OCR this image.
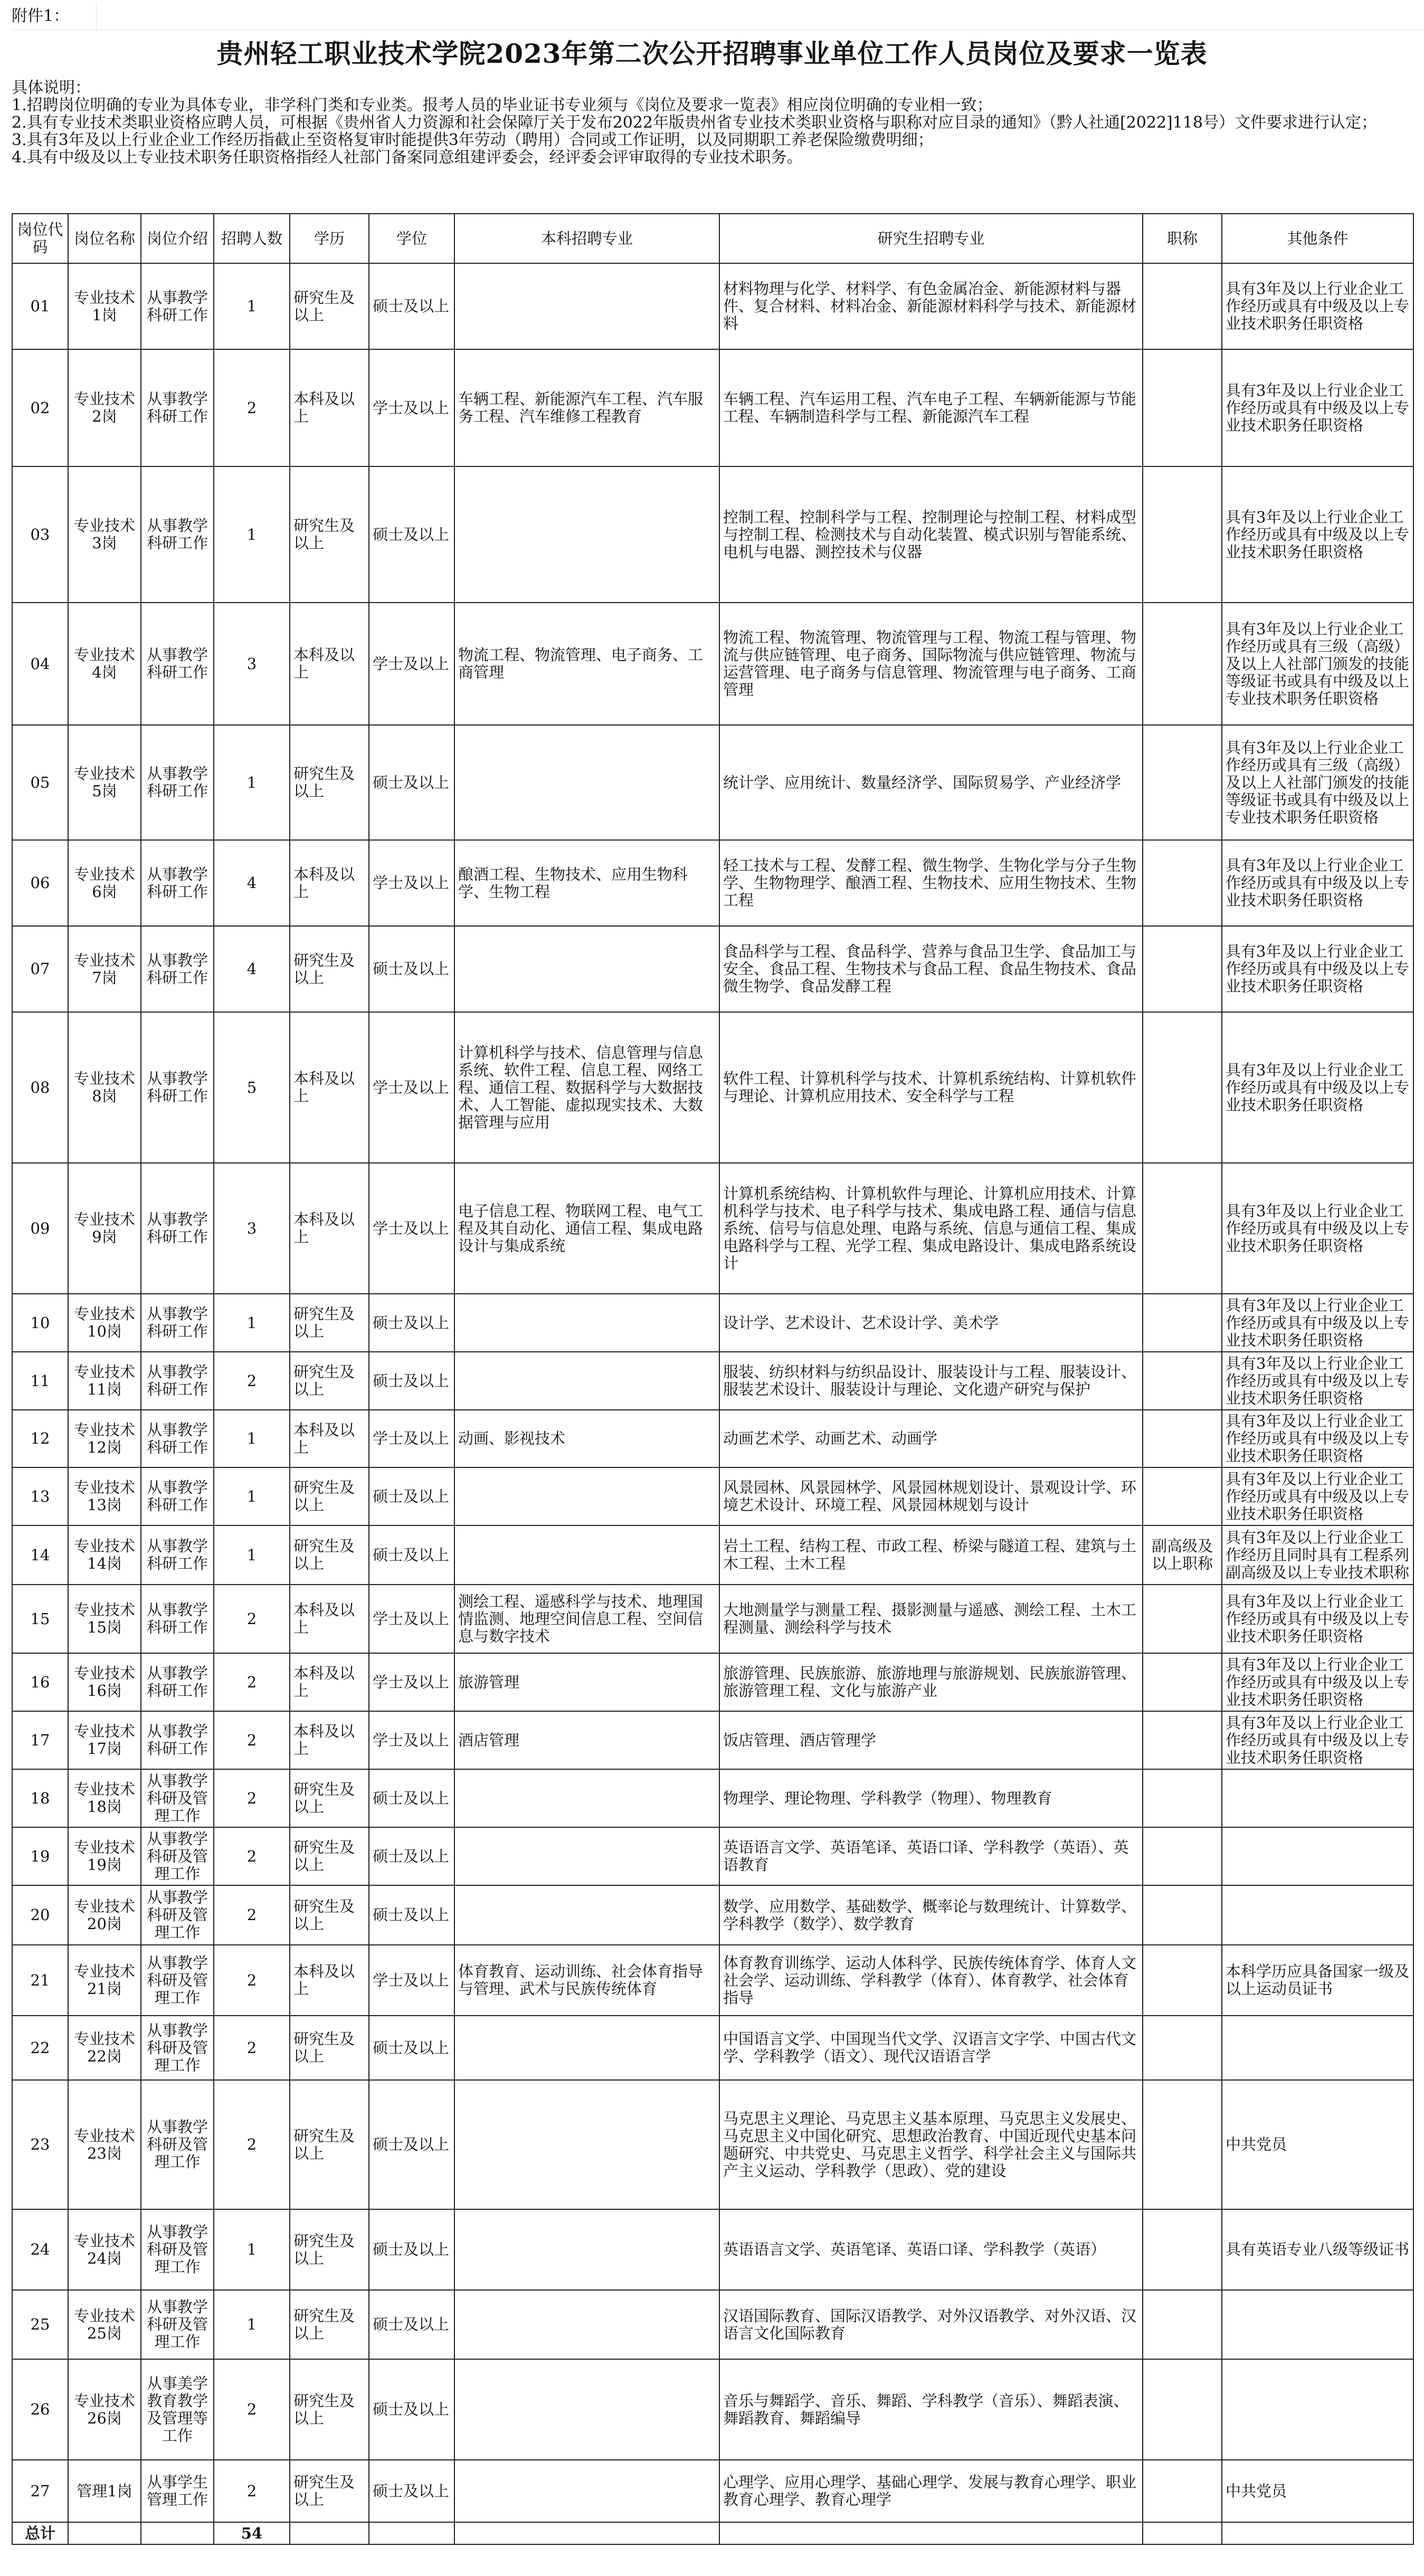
附件1：
贵州轻工职业技术学院2023年第二次公开招聘事业单位工作人员岗位及要求一览表
具体说明：
1.招聘岗位明确的专业为具体专业，非学科门类和专业类。报考人员的毕业证书专业须与《岗位及要求一览表》相应岗位明确的专业相一致；
2.具有专业技术类职业资格应聘人员，可根据《贵州省人力资源和社会保障厅关于发布2022年版贵州省专业技术类职业资格与职称对应目录的通知》（黔人社通[2022]118号）文件要求进行认定；
3.具有3年及以上行业企业工作经历指截止至资格复审时能提供3年劳动（聘用）合同或工作证明，以及同期职工养老保险缴费明细；
4.具有中级及以上专业技术职务任职资格指经人社部门备案同意组建评委会，经评委会评审取得的专业技术职务。
岗位代码	岗位名称	岗位介绍	招聘人数	学历	学位	本科招聘专业	研究生招聘专业	职称	其他条件
01	专业技术1岗	从事教学科研工作	1	研究生及以上	硕士及以上		材料物理与化学、材料学、有色金属冶金、新能源材料与器件、复合材料、材料冶金、新能源材料科学与技术、新能源材料		具有3年及以上行业企业工作经历或具有中级及以上专业技术职务任职资格
02	专业技术2岗	从事教学科研工作	2	本科及以上	学士及以上	车辆工程、新能源汽车工程、汽车服务工程、汽车维修工程教育	车辆工程、汽车运用工程、汽车电子工程、车辆新能源与节能工程、车辆制造科学与工程、新能源汽车工程		具有3年及以上行业企业工作经历或具有中级及以上专业技术职务任职资格
03	专业技术3岗	从事教学科研工作	1	研究生及以上	硕士及以上		控制工程、控制科学与工程、控制理论与控制工程、材料成型与控制工程、检测技术与自动化装置、模式识别与智能系统、电机与电器、测控技术与仪器		具有3年及以上行业企业工作经历或具有中级及以上专业技术职务任职资格
04	专业技术4岗	从事教学科研工作	3	本科及以上	学士及以上	物流工程、物流管理、电子商务、工商管理	物流工程、物流管理、物流管理与工程、物流工程与管理、物流与供应链管理、电子商务、国际物流与供应链管理、物流与运营管理、电子商务与信息管理、物流管理与电子商务、工商管理		具有3年及以上行业企业工作经历或具有三级（高级）及以上人社部门颁发的技能等级证书或具有中级及以上专业技术职务任职资格
05	专业技术5岗	从事教学科研工作	1	研究生及以上	硕士及以上		统计学、应用统计、数量经济学、国际贸易学、产业经济学		具有3年及以上行业企业工作经历或具有三级（高级）及以上人社部门颁发的技能等级证书或具有中级及以上专业技术职务任职资格
06	专业技术6岗	从事教学科研工作	4	本科及以上	学士及以上	酿酒工程、生物技术、应用生物科学、生物工程	轻工技术与工程、发酵工程、微生物学、生物化学与分子生物学、生物物理学、酿酒工程、生物技术、应用生物技术、生物工程		具有3年及以上行业企业工作经历或具有中级及以上专业技术职务任职资格
07	专业技术7岗	从事教学科研工作	4	研究生及以上	硕士及以上		食品科学与工程、食品科学、营养与食品卫生学、食品加工与安全、食品工程、生物技术与食品工程、食品生物技术、食品微生物学、食品发酵工程		具有3年及以上行业企业工作经历或具有中级及以上专业技术职务任职资格
08	专业技术8岗	从事教学科研工作	5	本科及以上	学士及以上	计算机科学与技术、信息管理与信息系统、软件工程、信息工程、网络工程、通信工程、数据科学与大数据技术、人工智能、虚拟现实技术、大数据管理与应用	软件工程、计算机科学与技术、计算机系统结构、计算机软件与理论、计算机应用技术、安全科学与工程		具有3年及以上行业企业工作经历或具有中级及以上专业技术职务任职资格
09	专业技术9岗	从事教学科研工作	3	本科及以上	学士及以上	电子信息工程、物联网工程、电气工程及其自动化、通信工程、集成电路设计与集成系统	计算机系统结构、计算机软件与理论、计算机应用技术、计算机科学与技术、电子科学与技术、集成电路工程、通信与信息系统、信号与信息处理、电路与系统、信息与通信工程、集成电路科学与工程、光学工程、集成电路设计、集成电路系统设计		具有3年及以上行业企业工作经历或具有中级及以上专业技术职务任职资格
10	专业技术10岗	从事教学科研工作	1	研究生及以上	硕士及以上		设计学、艺术设计、艺术设计学、美术学		具有3年及以上行业企业工作经历或具有中级及以上专业技术职务任职资格
11	专业技术11岗	从事教学科研工作	2	研究生及以上	硕士及以上		服装、纺织材料与纺织品设计、服装设计与工程、服装设计、服装艺术设计、服装设计与理论、文化遗产研究与保护		具有3年及以上行业企业工作经历或具有中级及以上专业技术职务任职资格
12	专业技术12岗	从事教学科研工作	1	本科及以上	学士及以上	动画、影视技术	动画艺术学、动画艺术、动画学		具有3年及以上行业企业工作经历或具有中级及以上专业技术职务任职资格
13	专业技术13岗	从事教学科研工作	1	研究生及以上	硕士及以上		风景园林、风景园林学、风景园林规划设计、景观设计学、环境艺术设计、环境工程、风景园林规划与设计		具有3年及以上行业企业工作经历或具有中级及以上专业技术职务任职资格
14	专业技术14岗	从事教学科研工作	1	研究生及以上	硕士及以上		岩土工程、结构工程、市政工程、桥梁与隧道工程、建筑与土木工程、土木工程	副高级及以上职称	具有3年及以上行业企业工作经历且同时具有工程系列副高级及以上专业技术职称
15	专业技术15岗	从事教学科研工作	2	本科及以上	学士及以上	测绘工程、遥感科学与技术、地理国情监测、地理空间信息工程、空间信息与数字技术	大地测量学与测量工程、摄影测量与遥感、测绘工程、土木工程测量、测绘科学与技术		具有3年及以上行业企业工作经历或具有中级及以上专业技术职务任职资格
16	专业技术16岗	从事教学科研工作	2	本科及以上	学士及以上	旅游管理	旅游管理、民族旅游、旅游地理与旅游规划、民族旅游管理、旅游管理工程、文化与旅游产业		具有3年及以上行业企业工作经历或具有中级及以上专业技术职务任职资格
17	专业技术17岗	从事教学科研工作	2	本科及以上	学士及以上	酒店管理	饭店管理、酒店管理学		具有3年及以上行业企业工作经历或具有中级及以上专业技术职务任职资格
18	专业技术18岗	从事教学科研及管理工作	2	研究生及以上	硕士及以上		物理学、理论物理、学科教学（物理）、物理教育		
19	专业技术19岗	从事教学科研及管理工作	2	研究生及以上	硕士及以上		英语语言文学、英语笔译、英语口译、学科教学（英语）、英语教育		
20	专业技术20岗	从事教学科研及管理工作	2	研究生及以上	硕士及以上		数学、应用数学、基础数学、概率论与数理统计、计算数学、学科教学（数学）、数学教育		
21	专业技术21岗	从事教学科研及管理工作	2	本科及以上	学士及以上	体育教育、运动训练、社会体育指导与管理、武术与民族传统体育	体育教育训练学、运动人体科学、民族传统体育学、体育人文社会学、运动训练、学科教学（体育）、体育教学、社会体育指导		本科学历应具备国家一级及以上运动员证书
22	专业技术22岗	从事教学科研及管理工作	2	研究生及以上	硕士及以上		中国语言文学、中国现当代文学、汉语言文字学、中国古代文学、学科教学（语文）、现代汉语语言学		
23	专业技术23岗	从事教学科研及管理工作	2	研究生及以上	硕士及以上		马克思主义理论、马克思主义基本原理、马克思主义发展史、马克思主义中国化研究、思想政治教育、中国近现代史基本问题研究、中共党史、马克思主义哲学、科学社会主义与国际共产主义运动、学科教学（思政）、党的建设		中共党员
24	专业技术24岗	从事教学科研及管理工作	1	研究生及以上	硕士及以上		英语语言文学、英语笔译、英语口译、学科教学（英语）		具有英语专业八级等级证书
25	专业技术25岗	从事教学科研及管理工作	1	研究生及以上	硕士及以上		汉语国际教育、国际汉语教学、对外汉语教学、对外汉语、汉语言文化国际教育		
26	专业技术26岗	从事美学教育教学及管理等工作	2	研究生及以上	硕士及以上		音乐与舞蹈学、音乐、舞蹈、学科教学（音乐）、舞蹈表演、舞蹈教育、舞蹈编导		
27	管理1岗	从事学生管理工作	2	研究生及以上	硕士及以上		心理学、应用心理学、基础心理学、发展与教育心理学、职业教育心理学、教育心理学		中共党员
总计			54						
